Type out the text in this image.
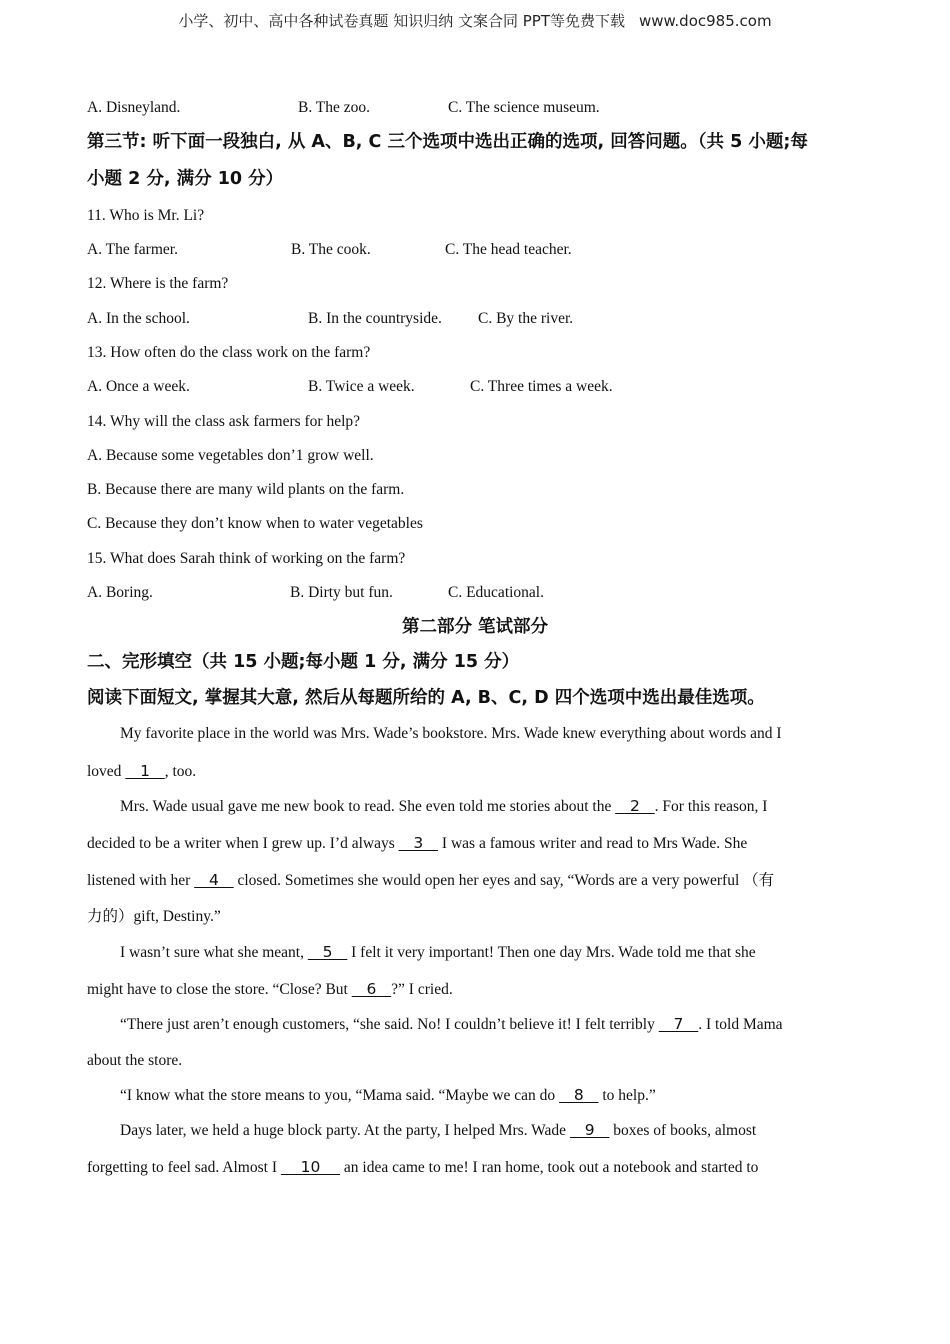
小学、初中、高中各种试卷真题 知识归纳 文案合同 PPT等免费下载 www.doc985.com
A. Disneyland.	B. The zoo.	C. The science museum.
第三节: 听下面一段独白, 从 A、B, C 三个选项中选出正确的选项, 回答问题。（共 5 小题;每
小题 2 分, 满分 10 分）
11. Who is Mr. Li?
A. The farmer.	B. The cook.	C. The head teacher.
12. Where is the farm?
A. In the school.	B. In the countryside. C. By the river.
13. How often do the class work on the farm?
A. Once a week.	B. Twice a week.	C. Three times a week.
14. Why will the class ask farmers for help?
A. Because some vegetables don’1 grow well.
B. Because there are many wild plants on the farm.
C. Because they don’t know when to water vegetables
15. What does Sarah think of working on the farm?
A. Boring.	B. Dirty but fun.	C. Educational.
第二部分 笔试部分
二、完形填空（共 15 小题;每小题 1 分, 满分 15 分）
阅读下面短文, 掌握其大意, 然后从每题所给的 A, B、C, D 四个选项中选出最佳选项。
My favorite place in the world was Mrs. Wade’s bookstore. Mrs. Wade knew everything about words and I
loved    1   , too.
Mrs. Wade usual gave me new book to read. She even told me stories about the    2   . For this reason, I
decided to be a writer when I grew up. I’d always    3    I was a famous writer and read to Mrs Wade. She
listened with her    4    closed. Sometimes she would open her eyes and say, “Words are a very powerful （有
力的）gift, Destiny.”
I wasn’t sure what she meant,    5    I felt it very important! Then one day Mrs. Wade told me that she
might have to close the store. “Close? But    6   ?” I cried.
“There just aren’t enough customers, “she said. No! I couldn’t believe it! I felt terribly    7   . I told Mama
about the store.
“I know what the store means to you, “Mama said. “Maybe we can do    8    to help.”
Days later, we held a huge block party. At the party, I helped Mrs. Wade    9    boxes of books, almost
forgetting to feel sad. Almost I     10     an idea came to me! I ran home, took out a notebook and started to
